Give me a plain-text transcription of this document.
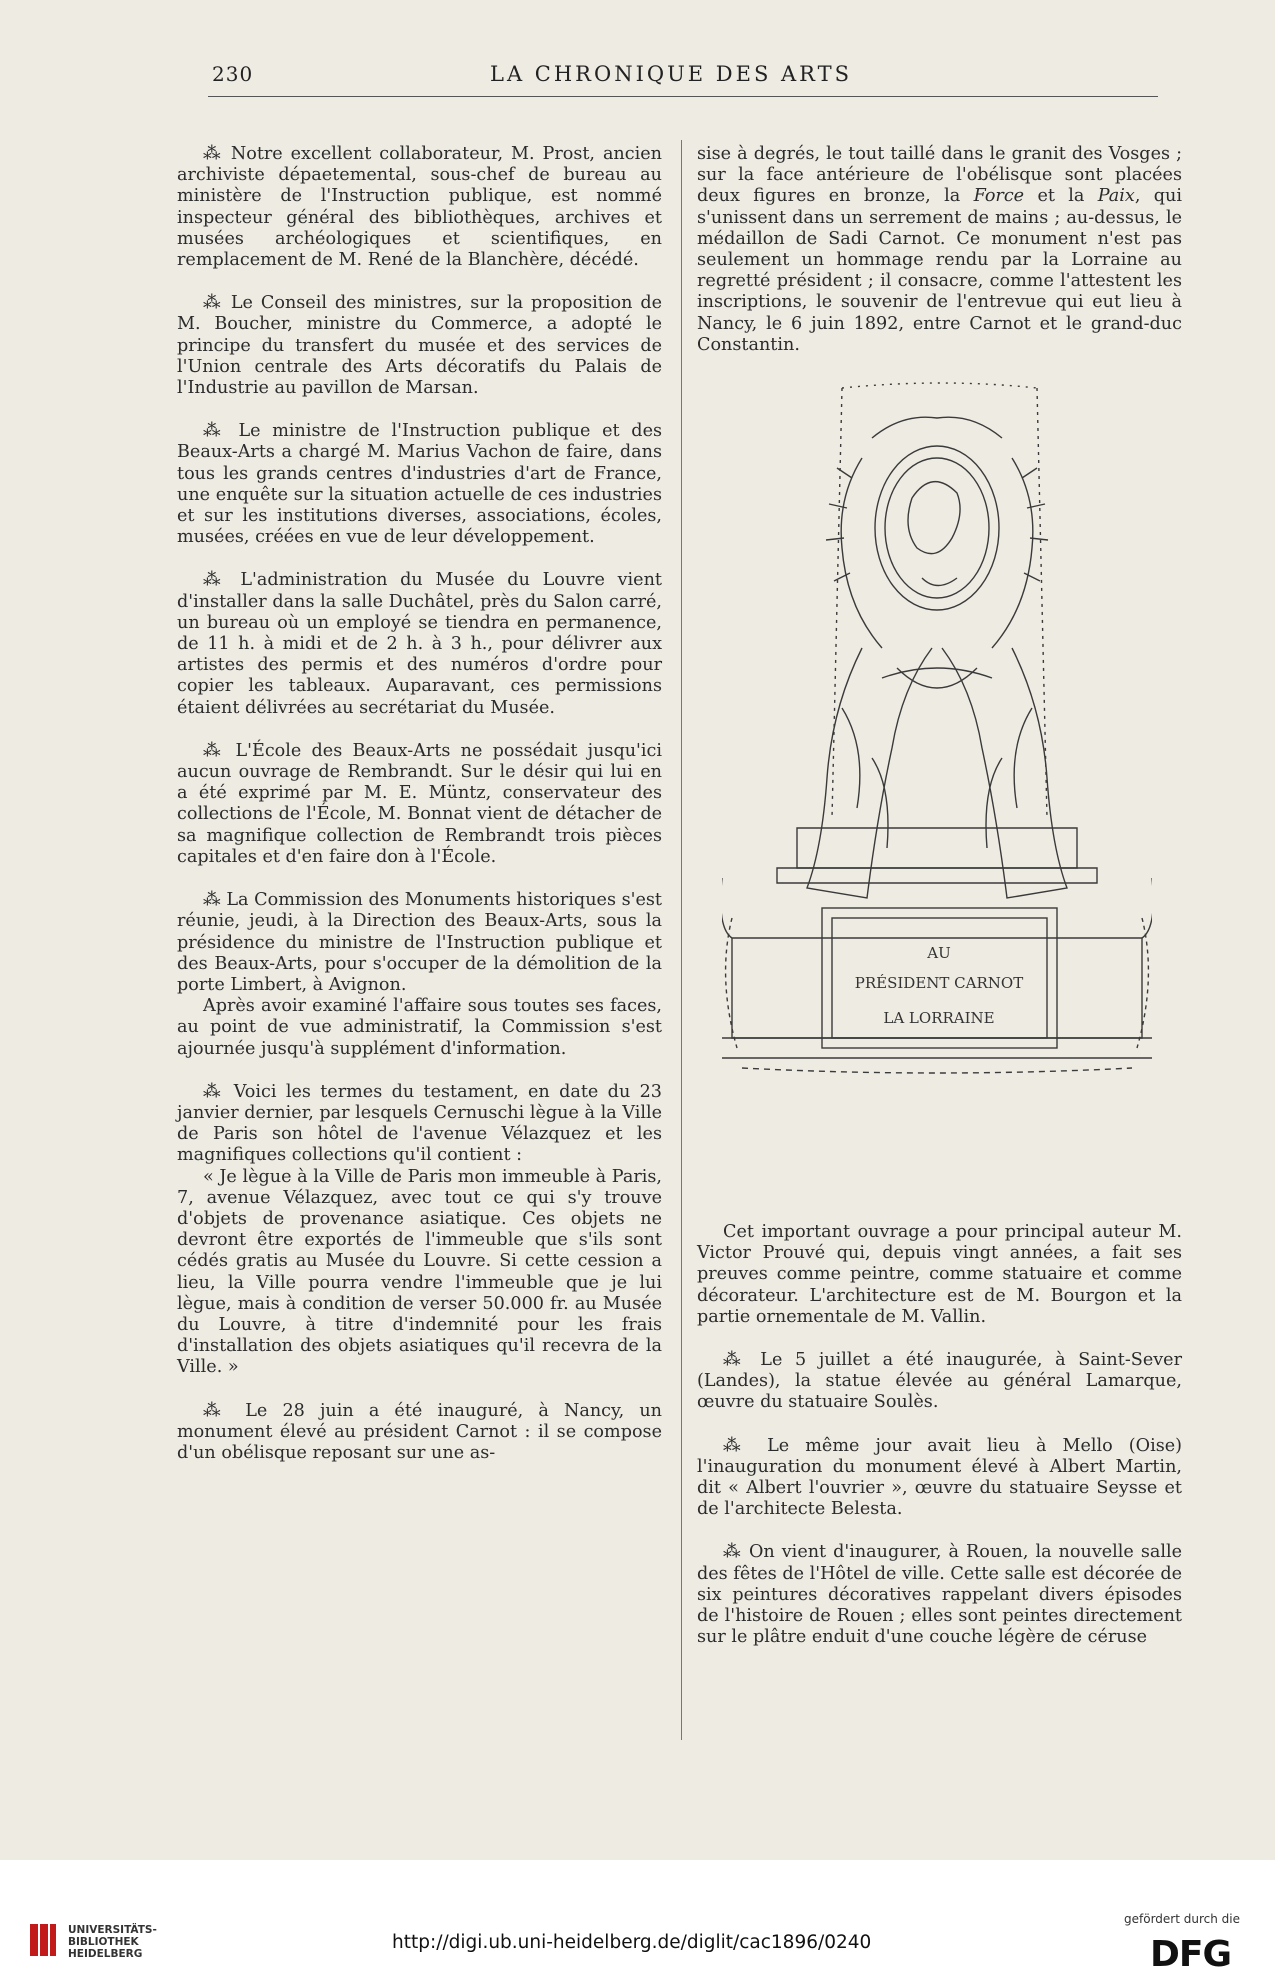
230	LA CHRONIQUE DES ARTS

⁂ Notre excellent collaborateur, M. Prost, ancien archiviste dépaetemental, sous-chef de bureau au ministère de l'Instruction publique, est nommé inspecteur général des bibliothèques, archives et musées archéologiques et scientifiques, en remplacement de M. René de la Blanchère, décédé.

⁂ Le Conseil des ministres, sur la proposition de M. Boucher, ministre du Commerce, a adopté le principe du transfert du musée et des services de l'Union centrale des Arts décoratifs du Palais de l'Industrie au pavillon de Marsan.

⁂ Le ministre de l'Instruction publique et des Beaux-Arts a chargé M. Marius Vachon de faire, dans tous les grands centres d'industries d'art de France, une enquête sur la situation actuelle de ces industries et sur les institutions diverses, associations, écoles, musées, créées en vue de leur développement.

⁂ L'administration du Musée du Louvre vient d'installer dans la salle Duchâtel, près du Salon carré, un bureau où un employé se tiendra en permanence, de 11 h. à midi et de 2 h. à 3 h., pour délivrer aux artistes des permis et des numéros d'ordre pour copier les tableaux. Auparavant, ces permissions étaient délivrées au secrétariat du Musée.

⁂ L'École des Beaux-Arts ne possédait jusqu'ici aucun ouvrage de Rembrandt. Sur le désir qui lui en a été exprimé par M. E. Müntz, conservateur des collections de l'École, M. Bonnat vient de détacher de sa magnifique collection de Rembrandt trois pièces capitales et d'en faire don à l'École.

⁂ La Commission des Monuments historiques s'est réunie, jeudi, à la Direction des Beaux-Arts, sous la présidence du ministre de l'Instruction publique et des Beaux-Arts, pour s'occuper de la démolition de la porte Limbert, à Avignon.

Après avoir examiné l'affaire sous toutes ses faces, au point de vue administratif, la Commission s'est ajournée jusqu'à supplément d'information.

⁂ Voici les termes du testament, en date du 23 janvier dernier, par lesquels Cernuschi lègue à la Ville de Paris son hôtel de l'avenue Vélazquez et les magnifiques collections qu'il contient :

« Je lègue à la Ville de Paris mon immeuble à Paris, 7, avenue Vélazquez, avec tout ce qui s'y trouve d'objets de provenance asiatique. Ces objets ne devront être exportés de l'immeuble que s'ils sont cédés gratis au Musée du Louvre. Si cette cession a lieu, la Ville pourra vendre l'immeuble que je lui lègue, mais à condition de verser 50.000 fr. au Musée du Louvre, à titre d'indemnité pour les frais d'installation des objets asiatiques qu'il recevra de la Ville. »

⁂ Le 28 juin a été inauguré, à Nancy, un monument élevé au président Carnot : il se compose d'un obélisque reposant sur une as-

sise à degrés, le tout taillé dans le granit des Vosges ; sur la face antérieure de l'obélisque sont placées deux figures en bronze, la Force et la Paix, qui s'unissent dans un serrement de mains ; au-dessus, le médaillon de Sadi Carnot. Ce monument n'est pas seulement un hommage rendu par la Lorraine au regretté président ; il consacre, comme l'attestent les inscriptions, le souvenir de l'entrevue qui eut lieu à Nancy, le 6 juin 1892, entre Carnot et le grand-duc Constantin.

AU
PRÉSIDENT CARNOT
LA LORRAINE

Cet important ouvrage a pour principal auteur M. Victor Prouvé qui, depuis vingt années, a fait ses preuves comme peintre, comme statuaire et comme décorateur. L'architecture est de M. Bourgon et la partie ornementale de M. Vallin.

⁂ Le 5 juillet a été inaugurée, à Saint-Sever (Landes), la statue élevée au général Lamarque, œuvre du statuaire Soulès.

⁂ Le même jour avait lieu à Mello (Oise) l'inauguration du monument élevé à Albert Martin, dit « Albert l'ouvrier », œuvre du statuaire Seysse et de l'architecte Belesta.

⁂ On vient d'inaugurer, à Rouen, la nouvelle salle des fêtes de l'Hôtel de ville. Cette salle est décorée de six peintures décoratives rappelant divers épisodes de l'histoire de Rouen ; elles sont peintes directement sur le plâtre enduit d'une couche légère de céruse

UNIVERSITÄTS-
BIBLIOTHEK
HEIDELBERG
http://digi.ub.uni-heidelberg.de/diglit/cac1896/0240
gefördert durch die
DFG
